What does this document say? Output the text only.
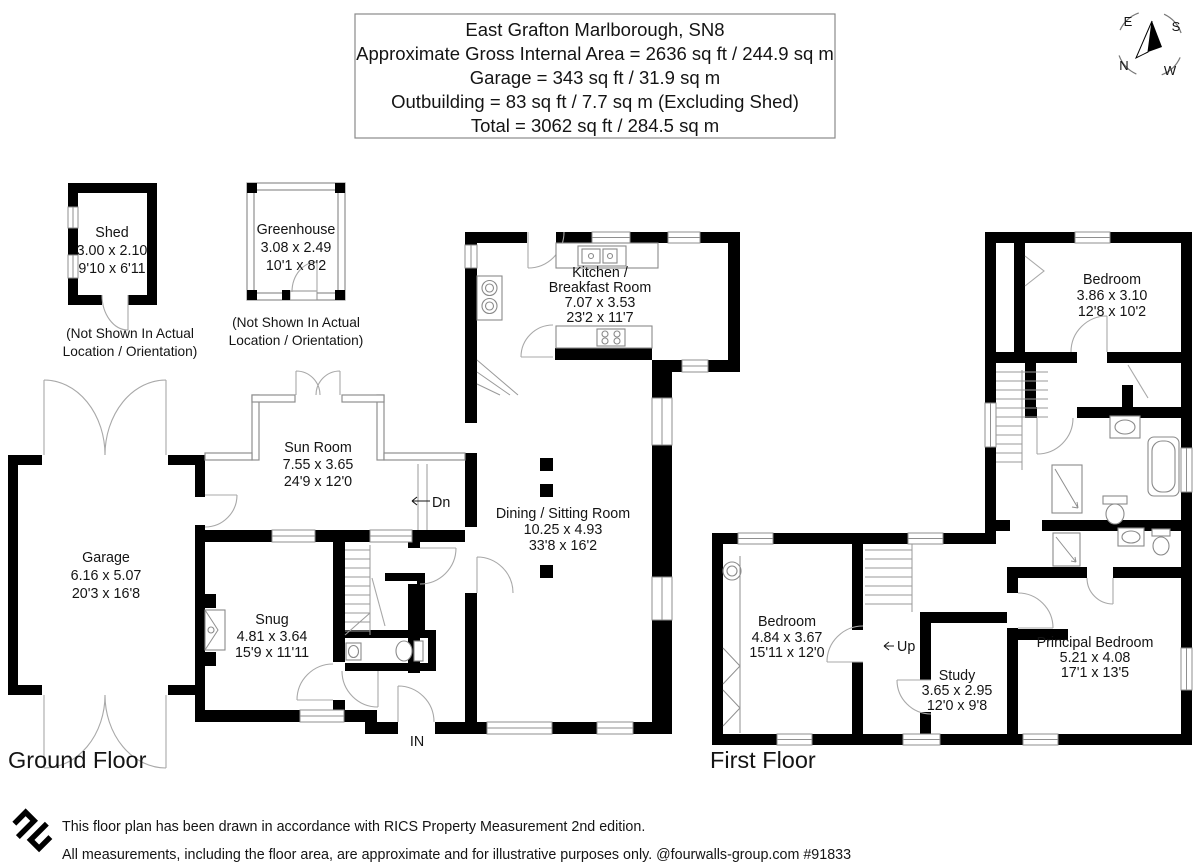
East Grafton Marlborough, SN8
Approximate Gross Internal Area = 2636 sq ft / 244.9 sq m
Garage = 343 sq ft / 31.9 sq m
Outbuilding = 83 sq ft / 7.7 sq m (Excluding Shed)
Total = 3062 sq ft / 284.5 sq m
E	S
N	W
Shed
3.00 x 2.10
9'10 x 6'11
(Not Shown In Actual
Location / Orientation)
Greenhouse
3.08 x 2.49
10'1 x 8'2
(Not Shown In Actual
Location / Orientation)
Garage
6.16 x 5.07
20'3 x 16'8
Sun Room
7.55 x 3.65
24'9 x 12'0
Snug
4.81 x 3.64
15'9 x 11'11
Kitchen /
Breakfast Room
7.07 x 3.53
23'2 x 11'7
Dining / Sitting Room
10.25 x 4.93
33'8 x 16'2
Dn
IN
Ground Floor
Bedroom
3.86 x 3.10
12'8 x 10'2
Bedroom
4.84 x 3.67
15'11 x 12'0
Study
3.65 x 2.95
12'0 x 9'8
Principal Bedroom
5.21 x 4.08
17'1 x 13'5
Up
First Floor
This floor plan has been drawn in accordance with RICS Property Measurement 2nd edition.
All measurements, including the floor area, are approximate and for illustrative purposes only. @fourwalls-group.com #91833
